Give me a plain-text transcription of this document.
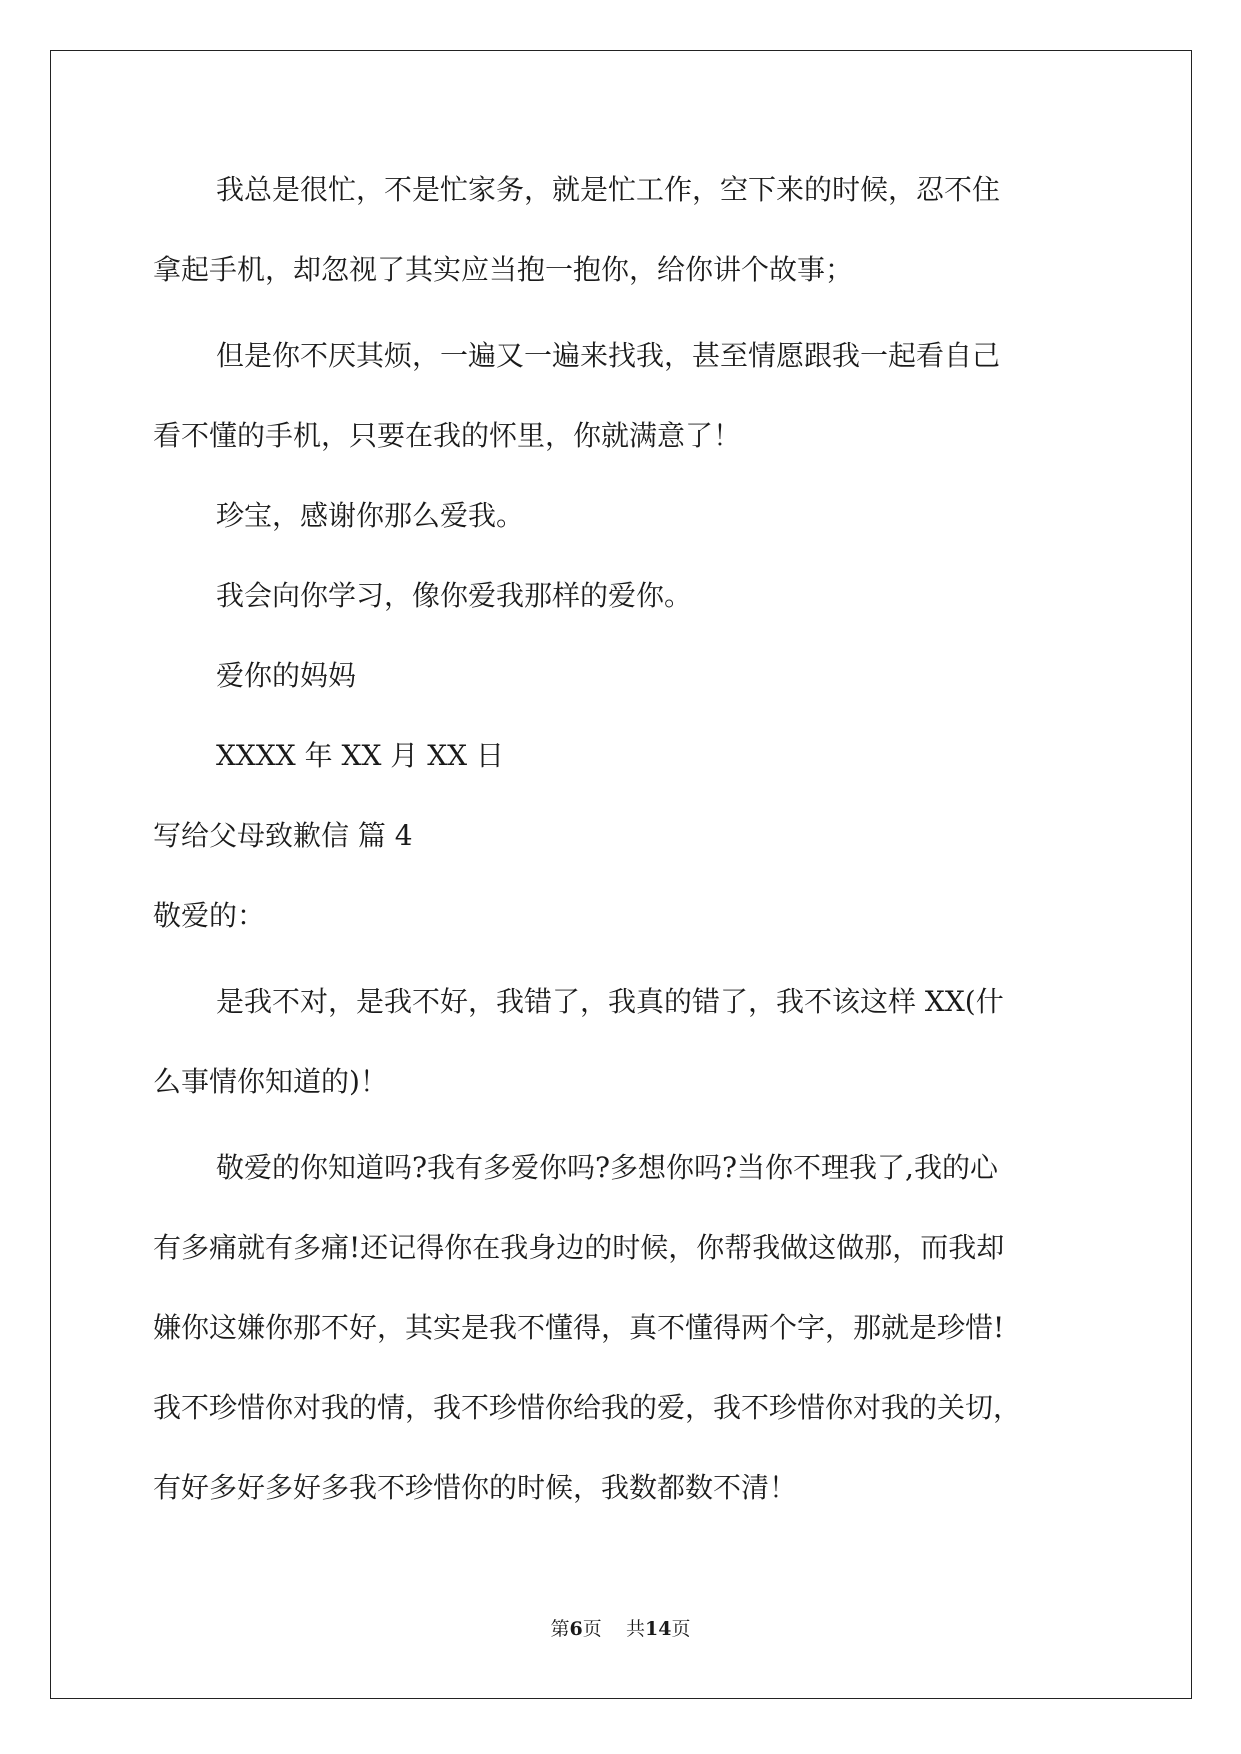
我总是很忙，不是忙家务，就是忙工作，空下来的时候，忍不住
拿起手机，却忽视了其实应当抱一抱你，给你讲个故事；
但是你不厌其烦，一遍又一遍来找我，甚至情愿跟我一起看自己
看不懂的手机，只要在我的怀里，你就满意了！
珍宝，感谢你那么爱我。
我会向你学习，像你爱我那样的爱你。
爱你的妈妈
XXXX 年 XX 月 XX 日
写给父母致歉信 篇 4
敬爱的：
是我不对，是我不好，我错了，我真的错了，我不该这样 XX(什
么事情你知道的)！
敬爱的你知道吗?我有多爱你吗?多想你吗?当你不理我了,我的心
有多痛就有多痛!还记得你在我身边的时候，你帮我做这做那，而我却
嫌你这嫌你那不好，其实是我不懂得，真不懂得两个字，那就是珍惜!
我不珍惜你对我的情，我不珍惜你给我的爱，我不珍惜你对我的关切，
有好多好多好多我不珍惜你的时候，我数都数不清！
第6页 共14页
